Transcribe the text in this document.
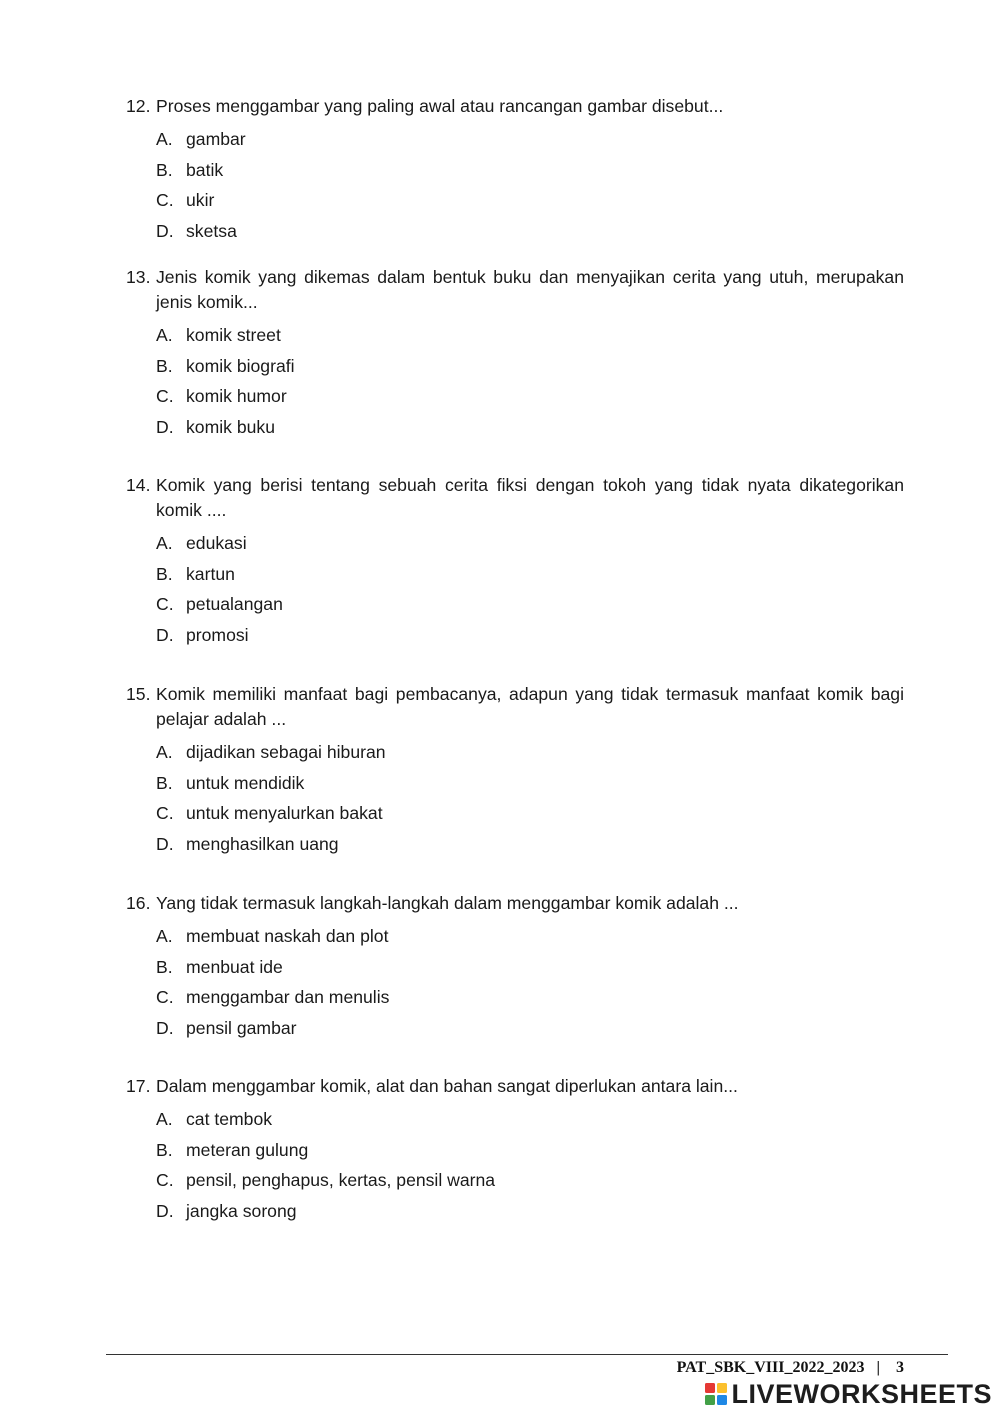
12. Proses menggambar yang paling awal atau rancangan gambar disebut...
A. gambar
B. batik
C. ukir
D. sketsa
13. Jenis komik yang dikemas dalam bentuk buku dan menyajikan cerita yang utuh, merupakan jenis komik...
A. komik street
B. komik biografi
C. komik humor
D. komik buku
14. Komik yang berisi tentang sebuah cerita fiksi dengan tokoh yang tidak nyata dikategorikan komik ....
A. edukasi
B. kartun
C. petualangan
D. promosi
15. Komik memiliki manfaat bagi pembacanya, adapun yang tidak termasuk manfaat komik bagi pelajar adalah ...
A. dijadikan sebagai hiburan
B. untuk mendidik
C. untuk menyalurkan bakat
D. menghasilkan uang
16. Yang tidak termasuk langkah-langkah dalam menggambar komik adalah ...
A. membuat naskah dan plot
B. menbuat ide
C. menggambar dan menulis
D. pensil gambar
17. Dalam menggambar komik, alat dan bahan sangat diperlukan antara lain...
A. cat tembok
B. meteran gulung
C. pensil, penghapus, kertas, pensil warna
D. jangka sorong
PAT_SBK_VIII_2022_2023 | 3
LIVEWORKSHEETS
